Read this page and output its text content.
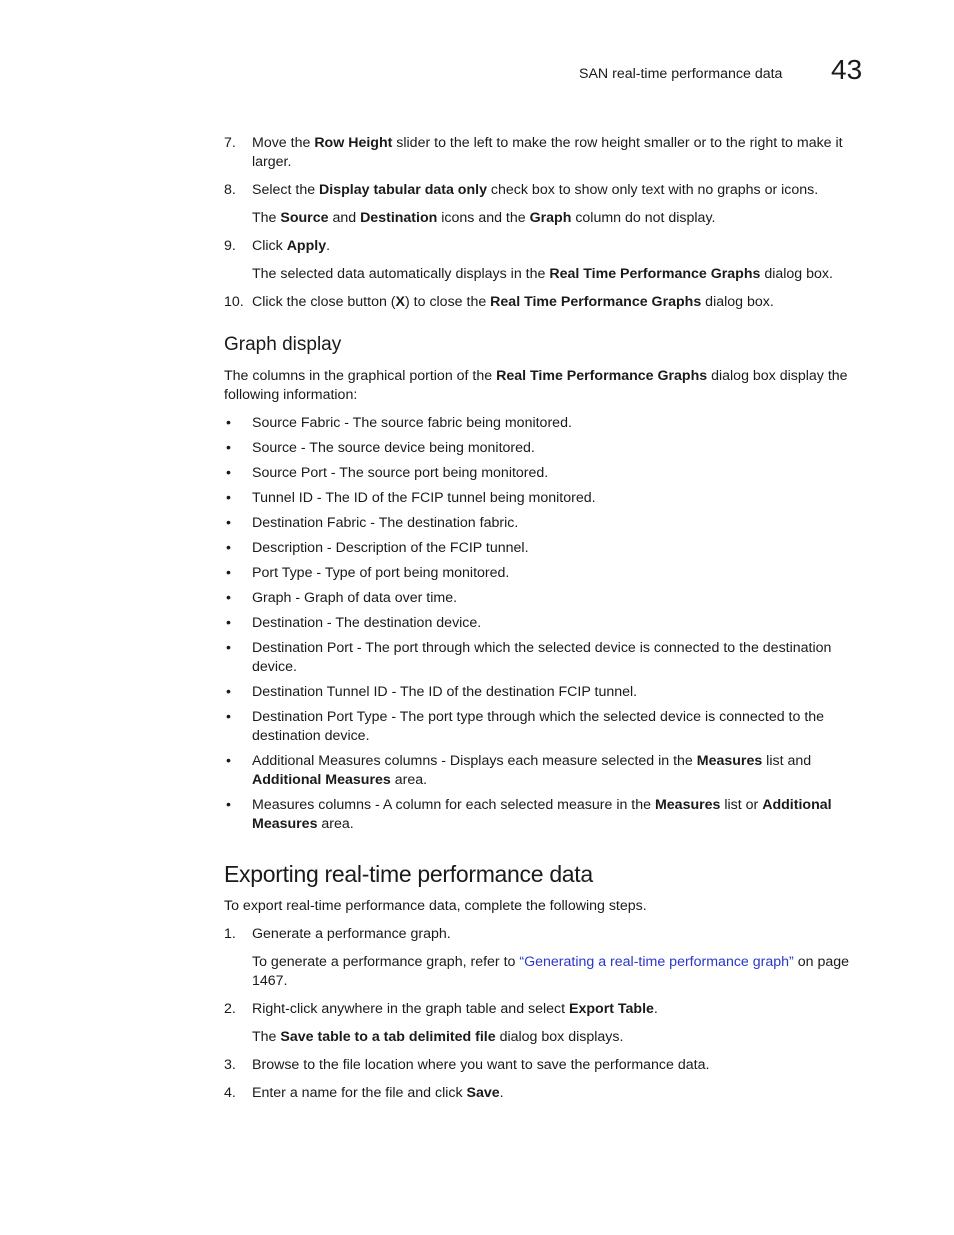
SAN real-time performance data 43
7. Move the Row Height slider to the left to make the row height smaller or to the right to make it larger.
8. Select the Display tabular data only check box to show only text with no graphs or icons.
The Source and Destination icons and the Graph column do not display.
9. Click Apply.
The selected data automatically displays in the Real Time Performance Graphs dialog box.
10. Click the close button (X) to close the Real Time Performance Graphs dialog box.
Graph display
The columns in the graphical portion of the Real Time Performance Graphs dialog box display the following information:
• Source Fabric - The source fabric being monitored.
• Source - The source device being monitored.
• Source Port - The source port being monitored.
• Tunnel ID - The ID of the FCIP tunnel being monitored.
• Destination Fabric - The destination fabric.
• Description - Description of the FCIP tunnel.
• Port Type - Type of port being monitored.
• Graph - Graph of data over time.
• Destination - The destination device.
• Destination Port - The port through which the selected device is connected to the destination device.
• Destination Tunnel ID - The ID of the destination FCIP tunnel.
• Destination Port Type - The port type through which the selected device is connected to the destination device.
• Additional Measures columns - Displays each measure selected in the Measures list and Additional Measures area.
• Measures columns - A column for each selected measure in the Measures list or Additional Measures area.
Exporting real-time performance data
To export real-time performance data, complete the following steps.
1. Generate a performance graph.
To generate a performance graph, refer to “Generating a real-time performance graph” on page 1467.
2. Right-click anywhere in the graph table and select Export Table.
The Save table to a tab delimited file dialog box displays.
3. Browse to the file location where you want to save the performance data.
4. Enter a name for the file and click Save.
